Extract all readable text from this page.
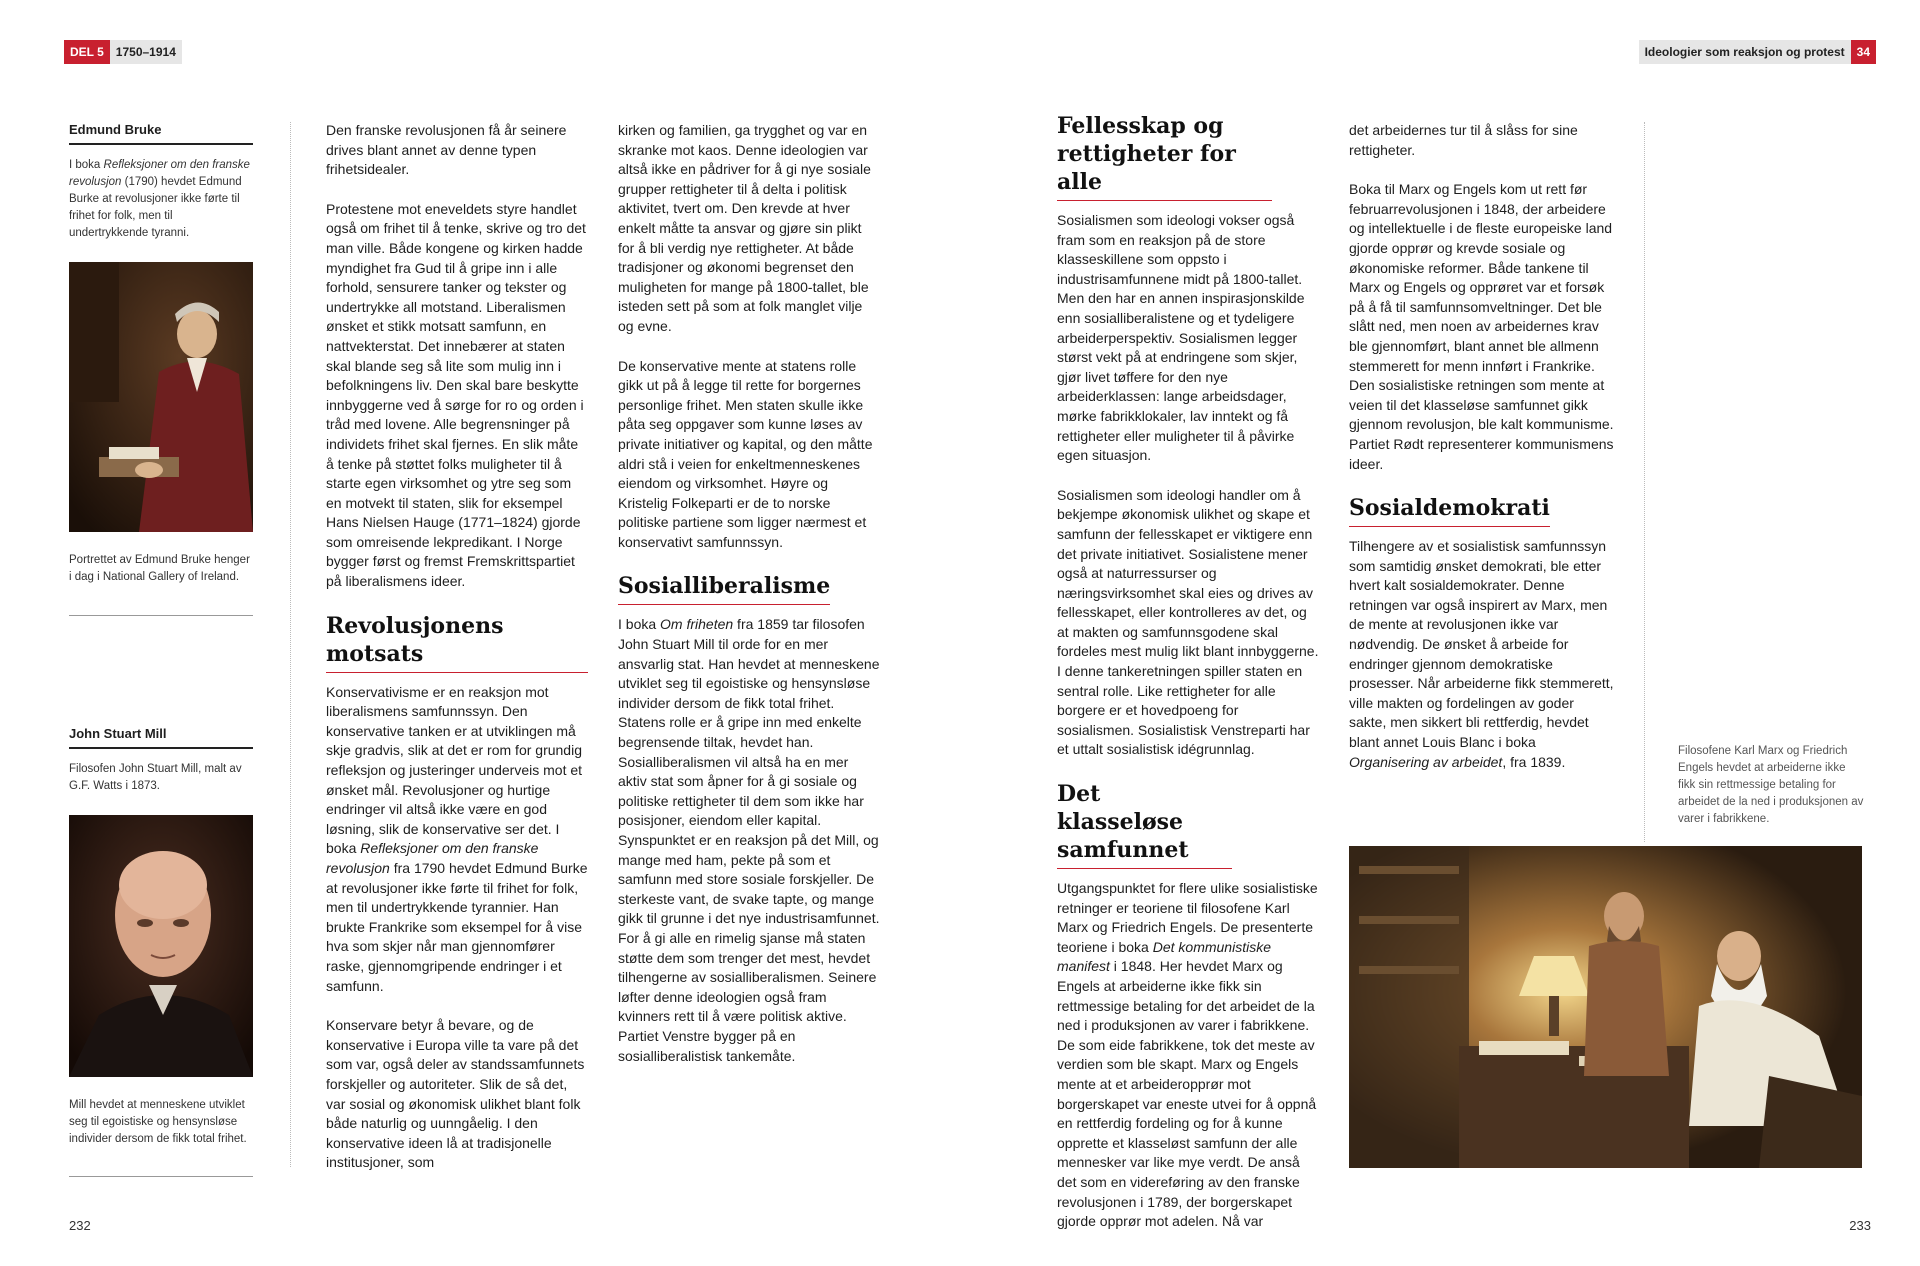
DEL 5	1750–1914	Ideologier som reaksjon og protest	34
Edmund Bruke

I boka Refleksjoner om den franske revolusjon (1790) hevdet Edmund Burke at revolusjoner ikke førte til frihet for folk, men til undertrykkende tyranni.

Portrettet av Edmund Bruke henger i dag i National Gallery of Ireland.

John Stuart Mill

Filosofen John Stuart Mill, malt av G.F. Watts i 1873.

Mill hevdet at menneskene utviklet seg til egoistiske og hensynsløse individer dersom de fikk total frihet.

Den franske revolusjonen få år seinere drives blant annet av denne typen frihetsidealer.

Protestene mot eneveldets styre handlet også om frihet til å tenke, skrive og tro det man ville. Både kongene og kirken hadde myndighet fra Gud til å gripe inn i alle forhold, sensurere tanker og tekster og undertrykke all motstand. Liberalismen ønsket et stikk motsatt samfunn, en nattvekterstat. Det innebærer at staten skal blande seg så lite som mulig inn i befolkningens liv. Den skal bare beskytte innbyggerne ved å sørge for ro og orden i tråd med lovene. Alle begrensninger på individets frihet skal fjernes. En slik måte å tenke på støttet folks muligheter til å starte egen virksomhet og ytre seg som en motvekt til staten, slik for eksempel Hans Nielsen Hauge (1771–1824) gjorde som omreisende lekpredikant. I Norge bygger først og fremst Fremskrittspartiet på liberalismens ideer.

Revolusjonens motsats

Konservativisme er en reaksjon mot liberalismens samfunnssyn. Den konservative tanken er at utviklingen må skje gradvis, slik at det er rom for grundig refleksjon og justeringer underveis mot et ønsket mål. Revolusjoner og hurtige endringer vil altså ikke være en god løsning, slik de konservative ser det. I boka Refleksjoner om den franske revolusjon fra 1790 hevdet Edmund Burke at revolusjoner ikke førte til frihet for folk, men til undertrykkende tyrannier. Han brukte Frankrike som eksempel for å vise hva som skjer når man gjennomfører raske, gjennomgripende endringer i et samfunn.

Konservare betyr å bevare, og de konservative i Europa ville ta vare på det som var, også deler av standssamfunnets forskjeller og autoriteter. Slik de så det, var sosial og økonomisk ulikhet blant folk både naturlig og uunngåelig. I den konservative ideen lå at tradisjonelle institusjoner, som

kirken og familien, ga trygghet og var en skranke mot kaos. Denne ideologien var altså ikke en pådriver for å gi nye sosiale grupper rettigheter til å delta i politisk aktivitet, tvert om. Den krevde at hver enkelt måtte ta ansvar og gjøre sin plikt for å bli verdig nye rettigheter. At både tradisjoner og økonomi begrenset den muligheten for mange på 1800-tallet, ble isteden sett på som at folk manglet vilje og evne.

De konservative mente at statens rolle gikk ut på å legge til rette for borgernes personlige frihet. Men staten skulle ikke påta seg oppgaver som kunne løses av private initiativer og kapital, og den måtte aldri stå i veien for enkeltmenneskenes eiendom og virksomhet. Høyre og Kristelig Folkeparti er de to norske politiske partiene som ligger nærmest et konservativt samfunnssyn.

Sosialliberalisme

I boka Om friheten fra 1859 tar filosofen John Stuart Mill til orde for en mer ansvarlig stat. Han hevdet at menneskene utviklet seg til egoistiske og hensynsløse individer dersom de fikk total frihet. Statens rolle er å gripe inn med enkelte begrensende tiltak, hevdet han. Sosialliberalismen vil altså ha en mer aktiv stat som åpner for å gi sosiale og politiske rettigheter til dem som ikke har posisjoner, eiendom eller kapital. Synspunktet er en reaksjon på det Mill, og mange med ham, pekte på som et samfunn med store sosiale forskjeller. De sterkeste vant, de svake tapte, og mange gikk til grunne i det nye industrisamfunnet. For å gi alle en rimelig sjanse må staten støtte dem som trenger det mest, hevdet tilhengerne av sosialliberalismen. Seinere løfter denne ideologien også fram kvinners rett til å være politisk aktive. Partiet Venstre bygger på en sosialliberalistisk tankemåte.

Fellesskap og rettigheter for alle

Sosialismen som ideologi vokser også fram som en reaksjon på de store klasseskillene som oppsto i industrisamfunnene midt på 1800-tallet. Men den har en annen inspirasjonskilde enn sosialliberalistene og et tydeligere arbeiderperspektiv. Sosialismen legger størst vekt på at endringene som skjer, gjør livet tøffere for den nye arbeiderklassen: lange arbeidsdager, mørke fabrikklokaler, lav inntekt og få rettigheter eller muligheter til å påvirke egen situasjon.

Sosialismen som ideologi handler om å bekjempe økonomisk ulikhet og skape et samfunn der fellesskapet er viktigere enn det private initiativet. Sosialistene mener også at naturressurser og næringsvirksomhet skal eies og drives av fellesskapet, eller kontrolleres av det, og at makten og samfunnsgodene skal fordeles mest mulig likt blant innbyggerne. I denne tankeretningen spiller staten en sentral rolle. Like rettigheter for alle borgere er et hovedpoeng for sosialismen. Sosialistisk Venstreparti har et uttalt sosialistisk idégrunnlag.

Det klasseløse samfunnet

Utgangspunktet for flere ulike sosialistiske retninger er teoriene til filosofene Karl Marx og Friedrich Engels. De presenterte teoriene i boka Det kommunistiske manifest i 1848. Her hevdet Marx og Engels at arbeiderne ikke fikk sin rettmessige betaling for det arbeidet de la ned i produksjonen av varer i fabrikkene. De som eide fabrikkene, tok det meste av verdien som ble skapt. Marx og Engels mente at et arbeideropprør mot borgerskapet var eneste utvei for å oppnå en rettferdig fordeling og for å kunne opprette et klasseløst samfunn der alle mennesker var like mye verdt. De anså det som en videreføring av den franske revolusjonen i 1789, der borgerskapet gjorde opprør mot adelen. Nå var

det arbeidernes tur til å slåss for sine rettigheter.

Boka til Marx og Engels kom ut rett før februarrevolusjonen i 1848, der arbeidere og intellektuelle i de fleste europeiske land gjorde opprør og krevde sosiale og økonomiske reformer. Både tankene til Marx og Engels og opprøret var et forsøk på å få til samfunnsomveltninger. Det ble slått ned, men noen av arbeidernes krav ble gjennomført, blant annet ble allmenn stemmerett for menn innført i Frankrike. Den sosialistiske retningen som mente at veien til det klasseløse samfunnet gikk gjennom revolusjon, ble kalt kommunisme. Partiet Rødt representerer kommunismens ideer.

Sosialdemokrati

Tilhengere av et sosialistisk samfunnssyn som samtidig ønsket demokrati, ble etter hvert kalt sosialdemokrater. Denne retningen var også inspirert av Marx, men de mente at revolusjonen ikke var nødvendig. De ønsket å arbeide for endringer gjennom demokratiske prosesser. Når arbeiderne fikk stemmerett, ville makten og fordelingen av goder sakte, men sikkert bli rettferdig, hevdet blant annet Louis Blanc i boka Organisering av arbeidet, fra 1839.

Filosofene Karl Marx og Friedrich Engels hevdet at arbeiderne ikke fikk sin rettmessige betaling for arbeidet de la ned i produksjonen av varer i fabrikkene.
232	233
